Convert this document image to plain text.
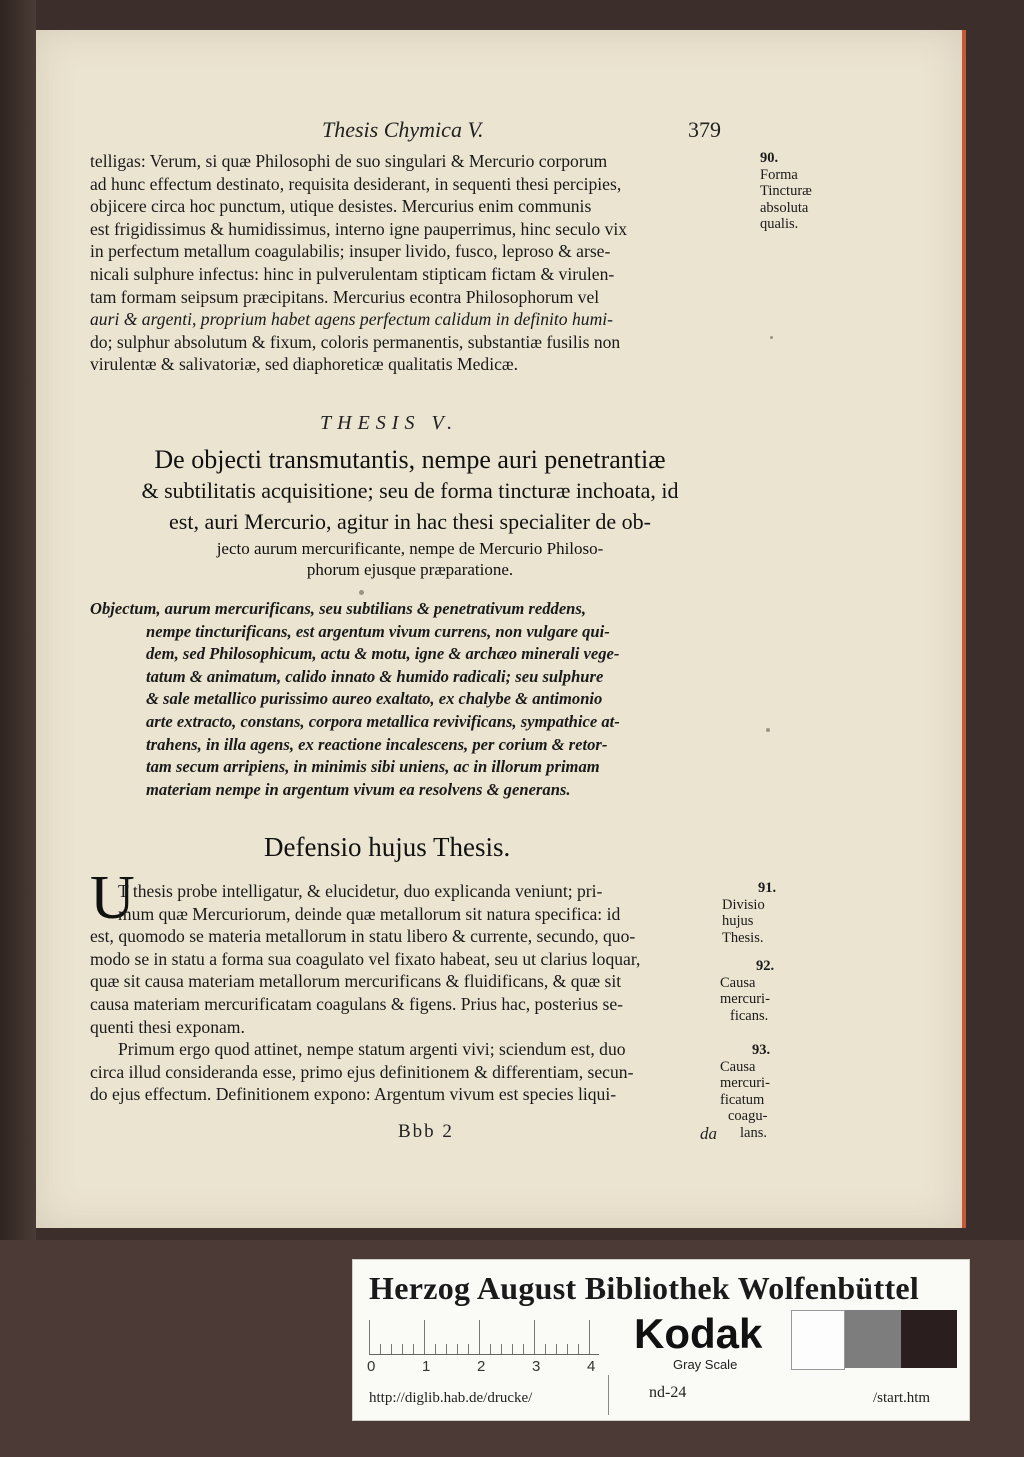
Thesis Chymica V.	379
telligas: Verum, si quæ Philosophi de suo singulari & Mercurio corporum
ad hunc effectum destinato, requisita desiderant, in sequenti thesi percipies,
objicere circa hoc punctum, utique desistes. Mercurius enim communis
est frigidissimus & humidissimus, interno igne pauperrimus, hinc seculo vix
in perfectum metallum coagulabilis; insuper livido, fusco, leproso & arse-
nicali sulphure infectus: hinc in pulverulentam stipticam fictam & virulen-
tam formam seipsum præcipitans. Mercurius econtra Philosophorum vel
auri & argenti, proprium habet agens perfectum calidum in definito humi-
do; sulphur absolutum & fixum, coloris permanentis, substantiæ fusilis non
virulentæ & salivatoriæ, sed diaphoreticæ qualitatis Medicæ.
90.
Forma
Tincturæ
absoluta
qualis.
THESIS V.
De objecti transmutantis, nempe auri penetrantiæ
& subtilitatis acquisitione; seu de forma tincturæ inchoata, id
est, auri Mercurio, agitur in hac thesi specialiter de ob-
jecto aurum mercurificante, nempe de Mercurio Philoso-
phorum ejusque præparatione.
Objectum, aurum mercurificans, seu subtilians & penetrativum reddens,
nempe tincturificans, est argentum vivum currens, non vulgare qui-
dem, sed Philosophicum, actu & motu, igne & archæo minerali vege-
tatum & animatum, calido innato & humido radicali; seu sulphure
& sale metallico purissimo aureo exaltato, ex chalybe & antimonio
arte extracto, constans, corpora metallica revivificans, sympathice at-
trahens, in illa agens, ex reactione incalescens, per corium & retor-
tam secum arripiens, in minimis sibi uniens, ac in illorum primam
materiam nempe in argentum vivum ea resolvens & generans.
Defensio hujus Thesis.
U
T thesis probe intelligatur, & elucidetur, duo explicanda veniunt; pri-
mum quæ Mercuriorum, deinde quæ metallorum sit natura specifica: id
est, quomodo se materia metallorum in statu libero & currente, secundo, quo-
modo se in statu a forma sua coagulato vel fixato habeat, seu ut clarius loquar,
quæ sit causa materiam metallorum mercurificans & fluidificans, & quæ sit
causa materiam mercurificatam coagulans & figens. Prius hac, posterius se-
quenti thesi exponam.
Primum ergo quod attinet, nempe statum argenti vivi; sciendum est, duo
circa illud considerandа esse, primo ejus definitionem & differentiam, secun-
do ejus effectum. Definitionem expono: Argentum vivum est species liqui-
91.
Divisio
hujus
Thesis.
92.
Causa
mercuri-
ficans.
93.
Causa
mercuri-
ficatum
coagu-
lans.
Bbb 2	da
Herzog August Bibliothek Wolfenbüttel
0	1	2	3	4
Kodak
Gray Scale
http://diglib.hab.de/drucke/	nd-24	/start.htm
